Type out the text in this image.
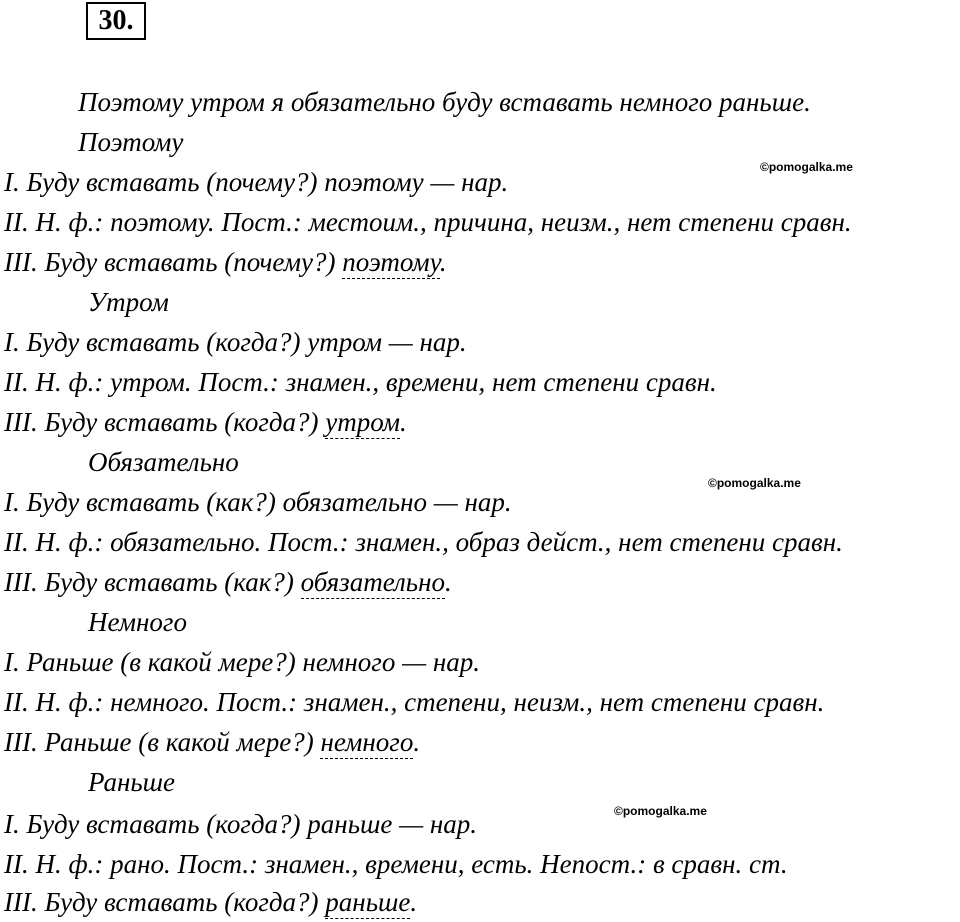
30.
Поэтому утром я обязательно буду вставать немного раньше.
Поэтому
©pomogalka.me
I. Буду вставать (почему?) поэтому — нар.
II. Н. ф.: поэтому. Пост.: местоим., причина, неизм., нет степени сравн.
III. Буду вставать (почему?) поэтому.
Утром
I. Буду вставать (когда?) утром — нар.
II. Н. ф.: утром. Пост.: знамен., времени, нет степени сравн.
III. Буду вставать (когда?) утром.
Обязательно
©pomogalka.me
I. Буду вставать (как?) обязательно — нар.
II. Н. ф.: обязательно. Пост.: знамен., образ дейст., нет степени сравн.
III. Буду вставать (как?) обязательно.
Немного
I. Раньше (в какой мере?) немного — нар.
II. Н. ф.: немного. Пост.: знамен., степени, неизм., нет степени сравн.
III. Раньше (в какой мере?) немного.
Раньше
©pomogalka.me
I. Буду вставать (когда?) раньше — нар.
II. Н. ф.: рано. Пост.: знамен., времени, есть. Непост.: в сравн. ст.
III. Буду вставать (когда?) раньше.
